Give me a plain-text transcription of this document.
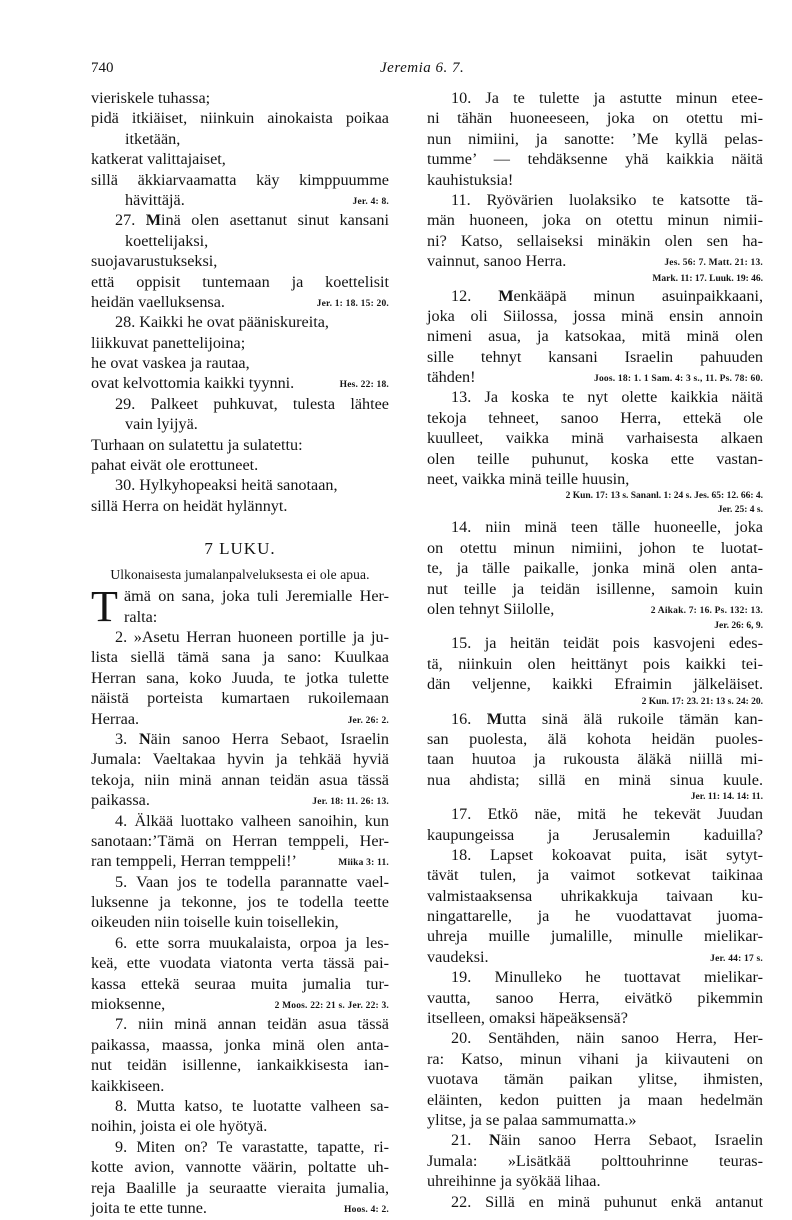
740	Jeremia 6. 7.
vieriskele tuhassa;
pidä itkiäiset, niinkuin ainokaista poikaa
itketään,
katkerat valittajaiset,
sillä äkkiarvaamatta käy kimppuumme
hävittäjä.	Jer. 4: 8.
27. Minä olen asettanut sinut kansani
koettelijaksi,
suojavarustukseksi,
että oppisit tuntemaan ja koettelisit
heidän vaelluksensa.	Jer. 1: 18. 15: 20.
28. Kaikki he ovat pääniskureita,
liikkuvat panettelijoina;
he ovat vaskea ja rautaa,
ovat kelvottomia kaikki tyynni.	Hes. 22: 18.
29. Palkeet puhkuvat, tulesta lähtee
vain lyijyä.
Turhaan on sulatettu ja sulatettu:
pahat eivät ole erottuneet.
30. Hylkyhopeaksi heitä sanotaan,
sillä Herra on heidät hylännyt.
7 LUKU.
Ulkonaisesta jumalanpalveluksesta ei ole apua.
T ämä on sana, joka tuli Jeremialle Her-
ralta:
2. »Asetu Herran huoneen portille ja ju-
lista siellä tämä sana ja sano: Kuulkaa
Herran sana, koko Juuda, te jotka tulette
näistä porteista kumartaen rukoilemaan
Herraa.	Jer. 26: 2.
3. Näin sanoo Herra Sebaot, Israelin
Jumala: Vaeltakaa hyvin ja tehkää hyviä
tekoja, niin minä annan teidän asua tässä
paikassa.	Jer. 18: 11. 26: 13.
4. Älkää luottako valheen sanoihin, kun
sanotaan:’Tämä on Herran temppeli, Her-
ran temppeli, Herran temppeli!’	Miika 3: 11.
5. Vaan jos te todella parannatte vael-
luksenne ja tekonne, jos te todella teette
oikeuden niin toiselle kuin toisellekin,
6. ette sorra muukalaista, orpoa ja les-
keä, ette vuodata viatonta verta tässä pai-
kassa ettekä seuraa muita jumalia tur-
mioksenne,	2 Moos. 22: 21 s. Jer. 22: 3.
7. niin minä annan teidän asua tässä
paikassa, maassa, jonka minä olen anta-
nut teidän isillenne, iankaikkisesta ian-
kaikkiseen.
8. Mutta katso, te luotatte valheen sa-
noihin, joista ei ole hyötyä.
9. Miten on? Te varastatte, tapatte, ri-
kotte avion, vannotte väärin, poltatte uh-
reja Baalille ja seuraatte vieraita jumalia,
joita te ette tunne.	Hoos. 4: 2.
10. Ja te tulette ja astutte minun etee-
ni tähän huoneeseen, joka on otettu mi-
nun nimiini, ja sanotte: ’Me kyllä pelas-
tumme’ — tehdäksenne yhä kaikkia näitä
kauhistuksia!
11. Ryövärien luolaksiko te katsotte tä-
män huoneen, joka on otettu minun nimii-
ni? Katso, sellaiseksi minäkin olen sen ha-
vainnut, sanoo Herra.	Jes. 56: 7. Matt. 21: 13.
Mark. 11: 17. Luuk. 19: 46.
12. Menkääpä minun asuinpaikkaani,
joka oli Siilossa, jossa minä ensin annoin
nimeni asua, ja katsokaa, mitä minä olen
sille tehnyt kansani Israelin pahuuden
tähden!	Joos. 18: 1. 1 Sam. 4: 3 s., 11. Ps. 78: 60.
13. Ja koska te nyt olette kaikkia näitä
tekoja tehneet, sanoo Herra, ettekä ole
kuulleet, vaikka minä varhaisesta alkaen
olen teille puhunut, koska ette vastan-
neet, vaikka minä teille huusin,
2 Kun. 17: 13 s. Sananl. 1: 24 s. Jes. 65: 12. 66: 4.
Jer. 25: 4 s.
14. niin minä teen tälle huoneelle, joka
on otettu minun nimiini, johon te luotat-
te, ja tälle paikalle, jonka minä olen anta-
nut teille ja teidän isillenne, samoin kuin
olen tehnyt Siilolle,	2 Aikak. 7: 16. Ps. 132: 13.
Jer. 26: 6, 9.
15. ja heitän teidät pois kasvojeni edes-
tä, niinkuin olen heittänyt pois kaikki tei-
dän veljenne, kaikki Efraimin jälkeläiset.
2 Kun. 17: 23. 21: 13 s. 24: 20.
16. Mutta sinä älä rukoile tämän kan-
san puolesta, älä kohota heidän puoles-
taan huutoa ja rukousta äläkä niillä mi-
nua ahdista; sillä en minä sinua kuule.
Jer. 11: 14. 14: 11.
17. Etkö näe, mitä he tekevät Juudan
kaupungeissa ja Jerusalemin kaduilla?
18. Lapset kokoavat puita, isät sytyt-
tävät tulen, ja vaimot sotkevat taikinaa
valmistaaksensa uhrikakkuja taivaan ku-
ningattarelle, ja he vuodattavat juoma-
uhreja muille jumalille, minulle mielikar-
vaudeksi.	Jer. 44: 17 s.
19. Minulleko he tuottavat mielikar-
vautta, sanoo Herra, eivätkö pikemmin
itselleen, omaksi häpeäksensä?
20. Sentähden, näin sanoo Herra, Her-
ra: Katso, minun vihani ja kiivauteni on
vuotava tämän paikan ylitse, ihmisten,
eläinten, kedon puitten ja maan hedelmän
ylitse, ja se palaa sammumatta.»
21. Näin sanoo Herra Sebaot, Israelin
Jumala: »Lisätkää polttouhrinne teuras-
uhreihinne ja syökää lihaa.
22. Sillä en minä puhunut enkä antanut
